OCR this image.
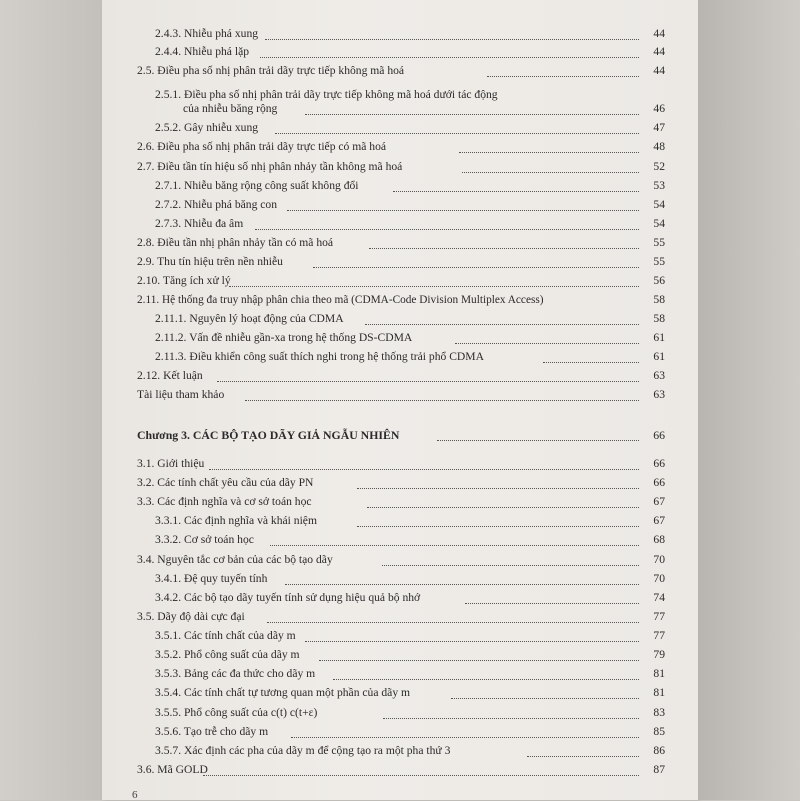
2.4.3. Nhiễu phá xung	44
2.4.4. Nhiễu phá lặp	44
2.5. Điều pha số nhị phân trải dãy trực tiếp không mã hoá	44
2.5.1. Điều pha số nhị phân trải dãy trực tiếp không mã hoá dưới tác động
của nhiễu băng rộng	46
2.5.2. Gây nhiễu xung	47
2.6. Điều pha số nhị phân trải dãy trực tiếp có mã hoá	48
2.7. Điều tần tín hiệu số nhị phân nhảy tần không mã hoá	52
2.7.1. Nhiễu băng rộng công suất không đổi	53
2.7.2. Nhiễu phá băng con	54
2.7.3. Nhiễu đa âm	54
2.8. Điều tần nhị phân nhảy tần có mã hoá	55
2.9. Thu tín hiệu trên nền nhiễu	55
2.10. Tăng ích xử lý	56
2.11. Hệ thống đa truy nhập phân chia theo mã (CDMA-Code Division Multiplex Access)	58
2.11.1. Nguyên lý hoạt động của CDMA	58
2.11.2. Vấn đề nhiễu gần-xa trong hệ thống DS-CDMA	61
2.11.3. Điều khiển công suất thích nghi trong hệ thống trải phổ CDMA	61
2.12. Kết luận	63
Tài liệu tham khảo	63
Chương 3. CÁC BỘ TẠO DÃY GIẢ NGẪU NHIÊN	66
3.1. Giới thiệu	66
3.2. Các tính chất yêu cầu của dãy PN	66
3.3. Các định nghĩa và cơ sở toán học	67
3.3.1. Các định nghĩa và khái niệm	67
3.3.2. Cơ sở toán học	68
3.4. Nguyên tắc cơ bản của các bộ tạo dãy	70
3.4.1. Đệ quy tuyến tính	70
3.4.2. Các bộ tạo dãy tuyến tính sử dụng hiệu quả bộ nhớ	74
3.5. Dãy độ dài cực đại	77
3.5.1. Các tính chất của dãy m	77
3.5.2. Phổ công suất của dãy m	79
3.5.3. Bảng các đa thức cho dãy m	81
3.5.4. Các tính chất tự tương quan một phần của dãy m	81
3.5.5. Phổ công suất của c(t) c(t+ε)	83
3.5.6. Tạo trễ cho dãy m	85
3.5.7. Xác định các pha của dãy m để cộng tạo ra một pha thứ 3	86
3.6. Mã GOLD	87
6
